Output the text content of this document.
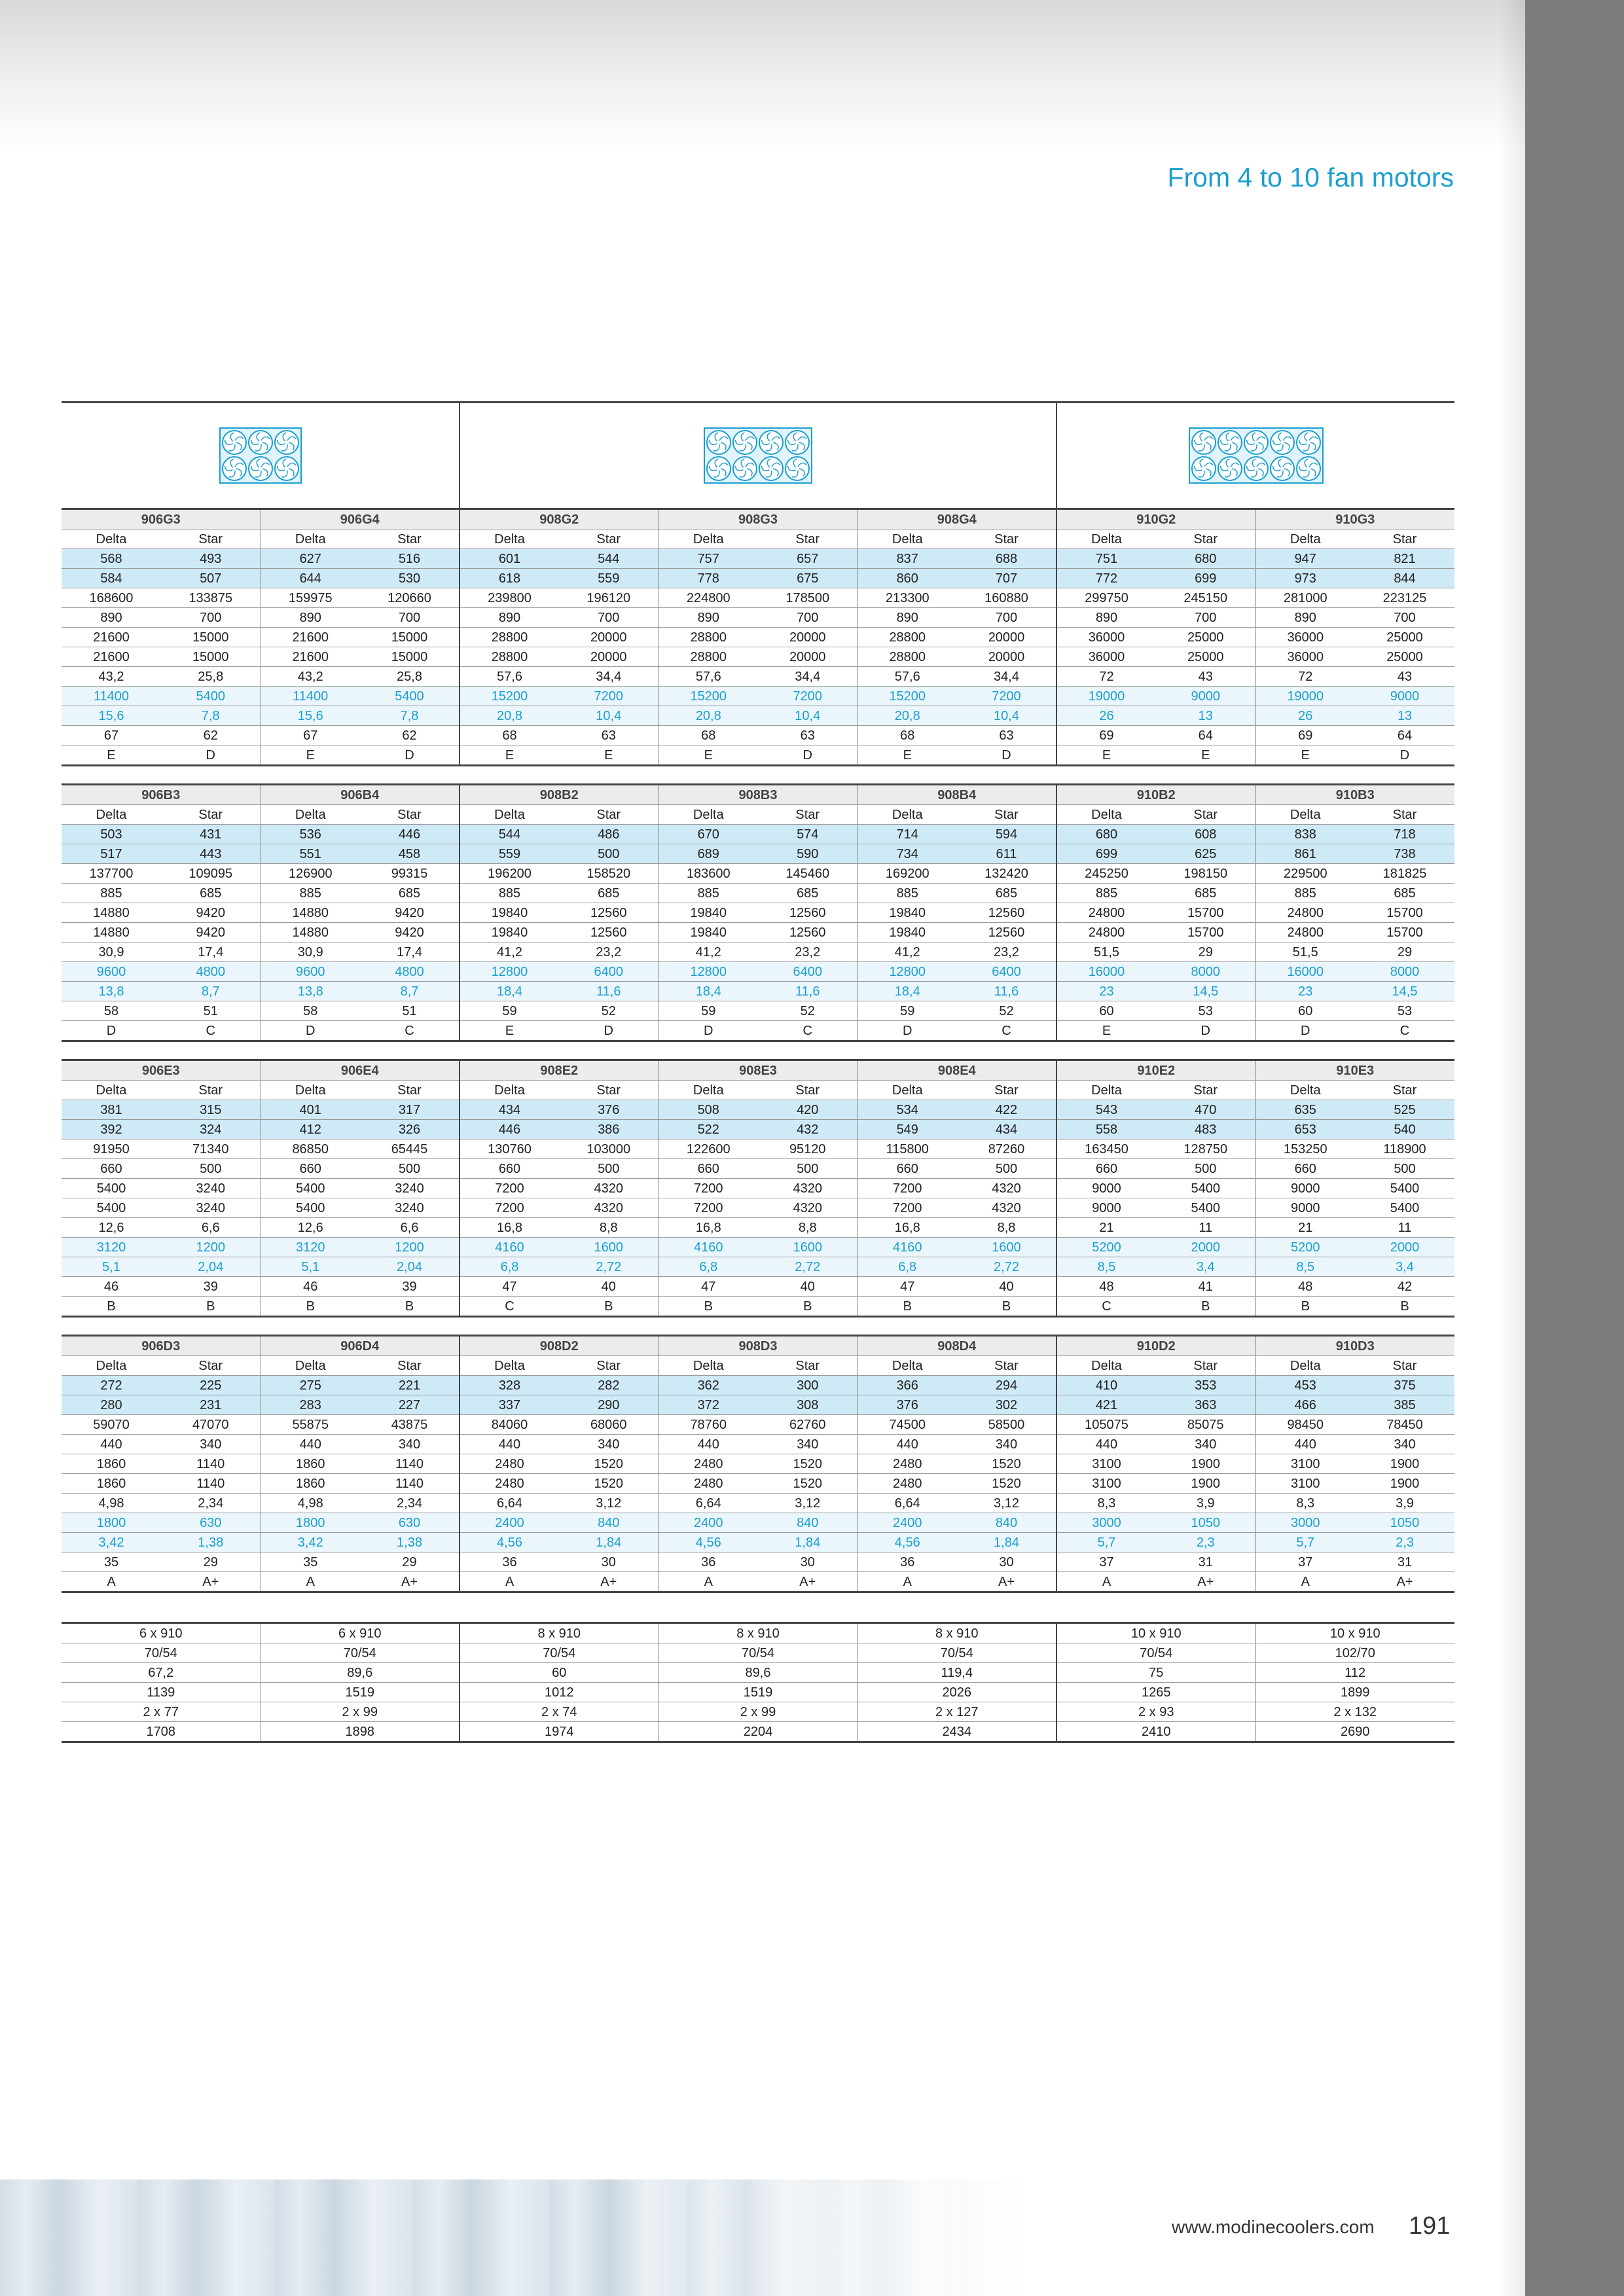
From 4 to 10 fan motors

906G3		906G4		908G2		908G3		908G4		910G2		910G3	
Delta	Star	Delta	Star	Delta	Star	Delta	Star	Delta	Star	Delta	Star	Delta	Star
568	493	627	516	601	544	757	657	837	688	751	680	947	821
584	507	644	530	618	559	778	675	860	707	772	699	973	844
168600	133875	159975	120660	239800	196120	224800	178500	213300	160880	299750	245150	281000	223125
890	700	890	700	890	700	890	700	890	700	890	700	890	700
21600	15000	21600	15000	28800	20000	28800	20000	28800	20000	36000	25000	36000	25000
21600	15000	21600	15000	28800	20000	28800	20000	28800	20000	36000	25000	36000	25000
43,2	25,8	43,2	25,8	57,6	34,4	57,6	34,4	57,6	34,4	72	43	72	43
11400	5400	11400	5400	15200	7200	15200	7200	15200	7200	19000	9000	19000	9000
15,6	7,8	15,6	7,8	20,8	10,4	20,8	10,4	20,8	10,4	26	13	26	13
67	62	67	62	68	63	68	63	68	63	69	64	69	64
E	D	E	D	E	E	E	D	E	D	E	E	E	D

906B3		906B4		908B2		908B3		908B4		910B2		910B3	
Delta	Star	Delta	Star	Delta	Star	Delta	Star	Delta	Star	Delta	Star	Delta	Star
503	431	536	446	544	486	670	574	714	594	680	608	838	718
517	443	551	458	559	500	689	590	734	611	699	625	861	738
137700	109095	126900	99315	196200	158520	183600	145460	169200	132420	245250	198150	229500	181825
885	685	885	685	885	685	885	685	885	685	885	685	885	685
14880	9420	14880	9420	19840	12560	19840	12560	19840	12560	24800	15700	24800	15700
14880	9420	14880	9420	19840	12560	19840	12560	19840	12560	24800	15700	24800	15700
30,9	17,4	30,9	17,4	41,2	23,2	41,2	23,2	41,2	23,2	51,5	29	51,5	29
9600	4800	9600	4800	12800	6400	12800	6400	12800	6400	16000	8000	16000	8000
13,8	8,7	13,8	8,7	18,4	11,6	18,4	11,6	18,4	11,6	23	14,5	23	14,5
58	51	58	51	59	52	59	52	59	52	60	53	60	53
D	C	D	C	E	D	D	C	D	C	E	D	D	C

906E3		906E4		908E2		908E3		908E4		910E2		910E3	
Delta	Star	Delta	Star	Delta	Star	Delta	Star	Delta	Star	Delta	Star	Delta	Star
381	315	401	317	434	376	508	420	534	422	543	470	635	525
392	324	412	326	446	386	522	432	549	434	558	483	653	540
91950	71340	86850	65445	130760	103000	122600	95120	115800	87260	163450	128750	153250	118900
660	500	660	500	660	500	660	500	660	500	660	500	660	500
5400	3240	5400	3240	7200	4320	7200	4320	7200	4320	9000	5400	9000	5400
5400	3240	5400	3240	7200	4320	7200	4320	7200	4320	9000	5400	9000	5400
12,6	6,6	12,6	6,6	16,8	8,8	16,8	8,8	16,8	8,8	21	11	21	11
3120	1200	3120	1200	4160	1600	4160	1600	4160	1600	5200	2000	5200	2000
5,1	2,04	5,1	2,04	6,8	2,72	6,8	2,72	6,8	2,72	8,5	3,4	8,5	3,4
46	39	46	39	47	40	47	40	47	40	48	41	48	42
B	B	B	B	C	B	B	B	B	B	C	B	B	B

906D3		906D4		908D2		908D3		908D4		910D2		910D3	
Delta	Star	Delta	Star	Delta	Star	Delta	Star	Delta	Star	Delta	Star	Delta	Star
272	225	275	221	328	282	362	300	366	294	410	353	453	375
280	231	283	227	337	290	372	308	376	302	421	363	466	385
59070	47070	55875	43875	84060	68060	78760	62760	74500	58500	105075	85075	98450	78450
440	340	440	340	440	340	440	340	440	340	440	340	440	340
1860	1140	1860	1140	2480	1520	2480	1520	2480	1520	3100	1900	3100	1900
1860	1140	1860	1140	2480	1520	2480	1520	2480	1520	3100	1900	3100	1900
4,98	2,34	4,98	2,34	6,64	3,12	6,64	3,12	6,64	3,12	8,3	3,9	8,3	3,9
1800	630	1800	630	2400	840	2400	840	2400	840	3000	1050	3000	1050
3,42	1,38	3,42	1,38	4,56	1,84	4,56	1,84	4,56	1,84	5,7	2,3	5,7	2,3
35	29	35	29	36	30	36	30	36	30	37	31	37	31
A	A+	A	A+	A	A+	A	A+	A	A+	A	A+	A	A+

6 x 910		6 x 910		8 x 910		8 x 910		8 x 910		10 x 910		10 x 910	
70/54		70/54		70/54		70/54		70/54		70/54		102/70	
67,2		89,6		60		89,6		119,4		75		112	
1139		1519		1012		1519		2026		1265		1899	
2 x 77		2 x 99		2 x 74		2 x 99		2 x 127		2 x 93		2 x 132	
1708		1898		1974		2204		2434		2410		2690	
www.modinecoolers.com 191
